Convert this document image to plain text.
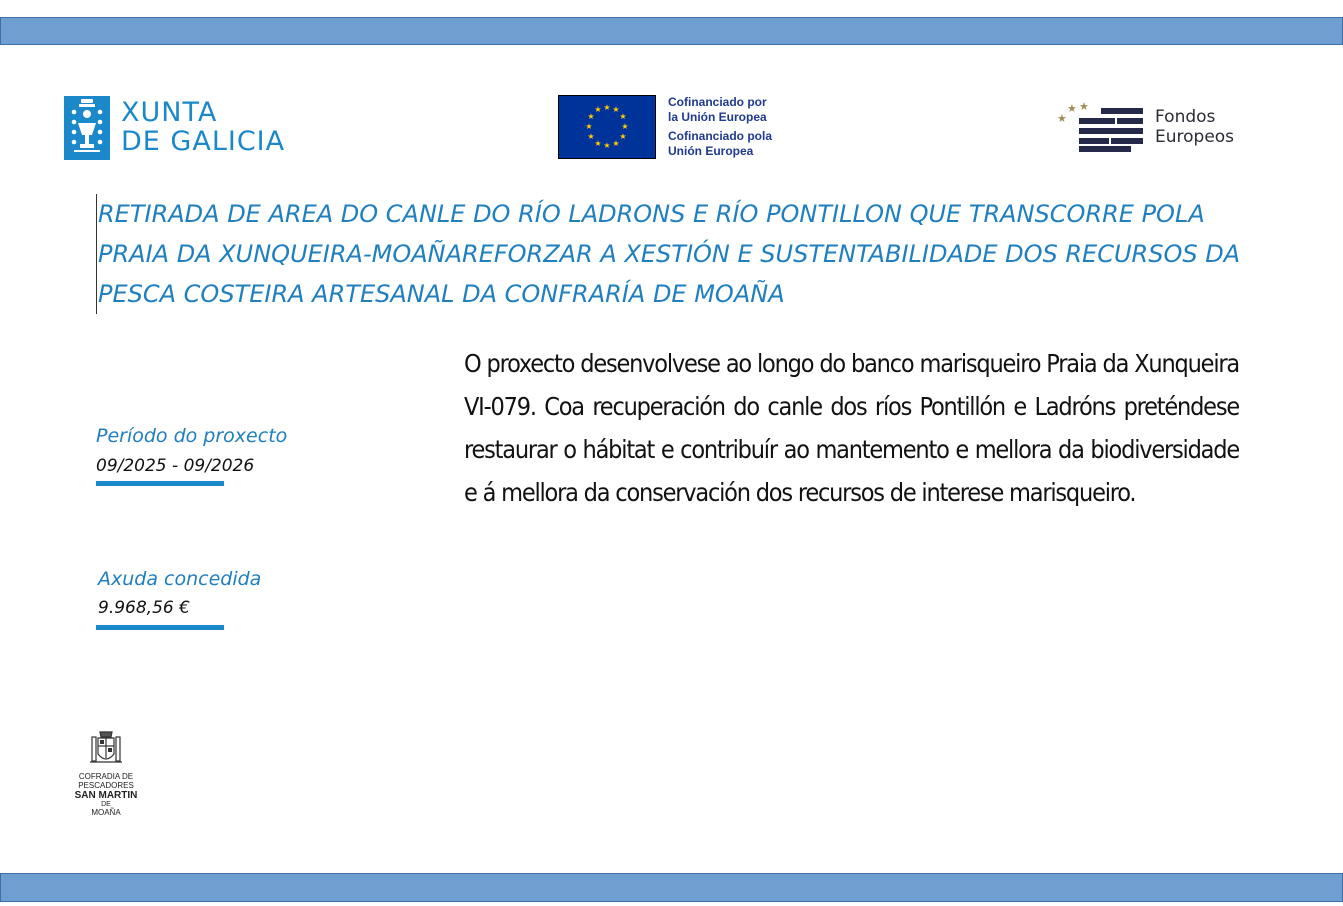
XUNTA
DE GALICIA
★ ★
★
★
★
★
★
★
★
★
★
★
Cofinanciado por
la Unión Europea
Cofinanciado pola
Unión Europea
★
★ ★
Fondos
Europeos
RETIRADA DE AREA DO CANLE DO RÍO LADRONS E RÍO PONTILLON QUE TRANSCORRE POLA PRAIA DA XUNQUEIRA-MOAÑAREFORZAR A XESTIÓN E SUSTENTABILIDADE DOS RECURSOS DA PESCA COSTEIRA ARTESANAL DA CONFRARÍA DE MOAÑA

O proxecto desenvolvese ao longo do banco marisqueiro Praia da Xunqueira VI-079. Coa recuperación do canle dos ríos Pontillón e Ladróns preténdese restaurar o hábitat e contribuír ao mantemento e mellora da biodiversidade e á mellora da conservación dos recursos de interese marisqueiro.

Período do proxecto
09/2025 - 09/2026
Axuda concedida
9.968,56 €
COFRADIA DE PESCADORES
SAN MARTIN
DE
MOAÑA
